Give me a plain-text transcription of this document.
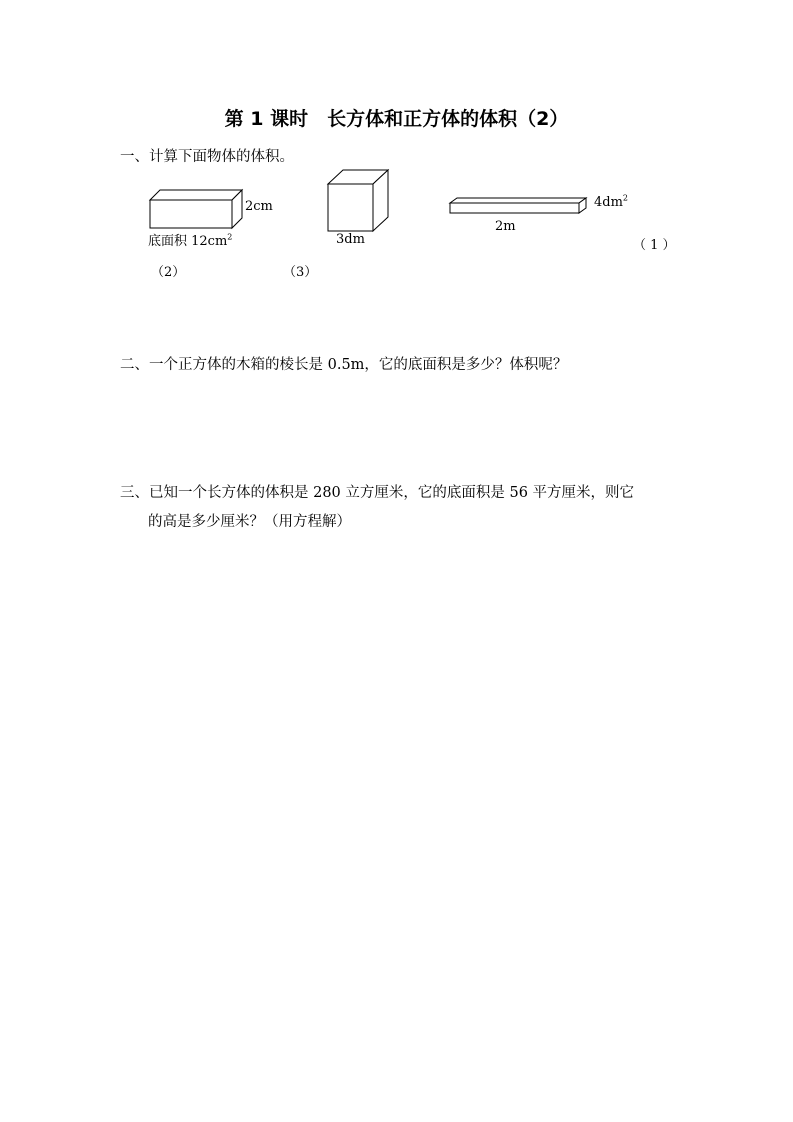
第 1 课时　长方体和正方体的体积（2）
一、计算下面物体的体积。
2cm
底面积 $12cm^2$	3dm
$4dm^2$
2m
（ 1 ）
（2）	（3）
二、一个正方体的木箱的棱长是 0.5m，它的底面积是多少？体积呢？
三、已知一个长方体的体积是 280 立方厘米，它的底面积是 56 平方厘米，则它
的高是多少厘米？（用方程解）
